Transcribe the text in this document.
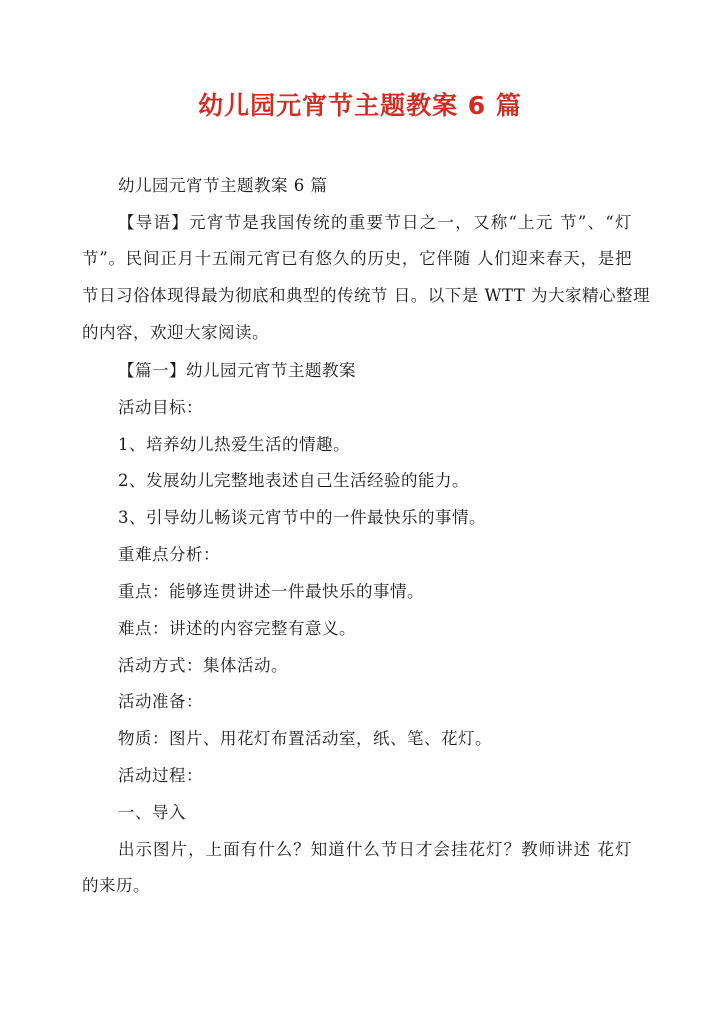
幼儿园元宵节主题教案 6 篇
幼儿园元宵节主题教案 6 篇
【导语】元宵节是我国传统的重要节日之一，又称“上元 节”、“灯
节”。民间正月十五闹元宵已有悠久的历史，它伴随 人们迎来春天，是把
节日习俗体现得最为彻底和典型的传统节 日。以下是 WTT 为大家精心整理
的内容，欢迎大家阅读。
【篇一】幼儿园元宵节主题教案
活动目标：
1、培养幼儿热爱生活的情趣。
2、发展幼儿完整地表述自己生活经验的能力。
3、引导幼儿畅谈元宵节中的一件最快乐的事情。
重难点分析：
重点：能够连贯讲述一件最快乐的事情。
难点：讲述的内容完整有意义。
活动方式：集体活动。
活动准备：
物质：图片、用花灯布置活动室，纸、笔、花灯。
活动过程：
一、导入
出示图片，上面有什么？知道什么节日才会挂花灯？教师讲述 花灯
的来历。
